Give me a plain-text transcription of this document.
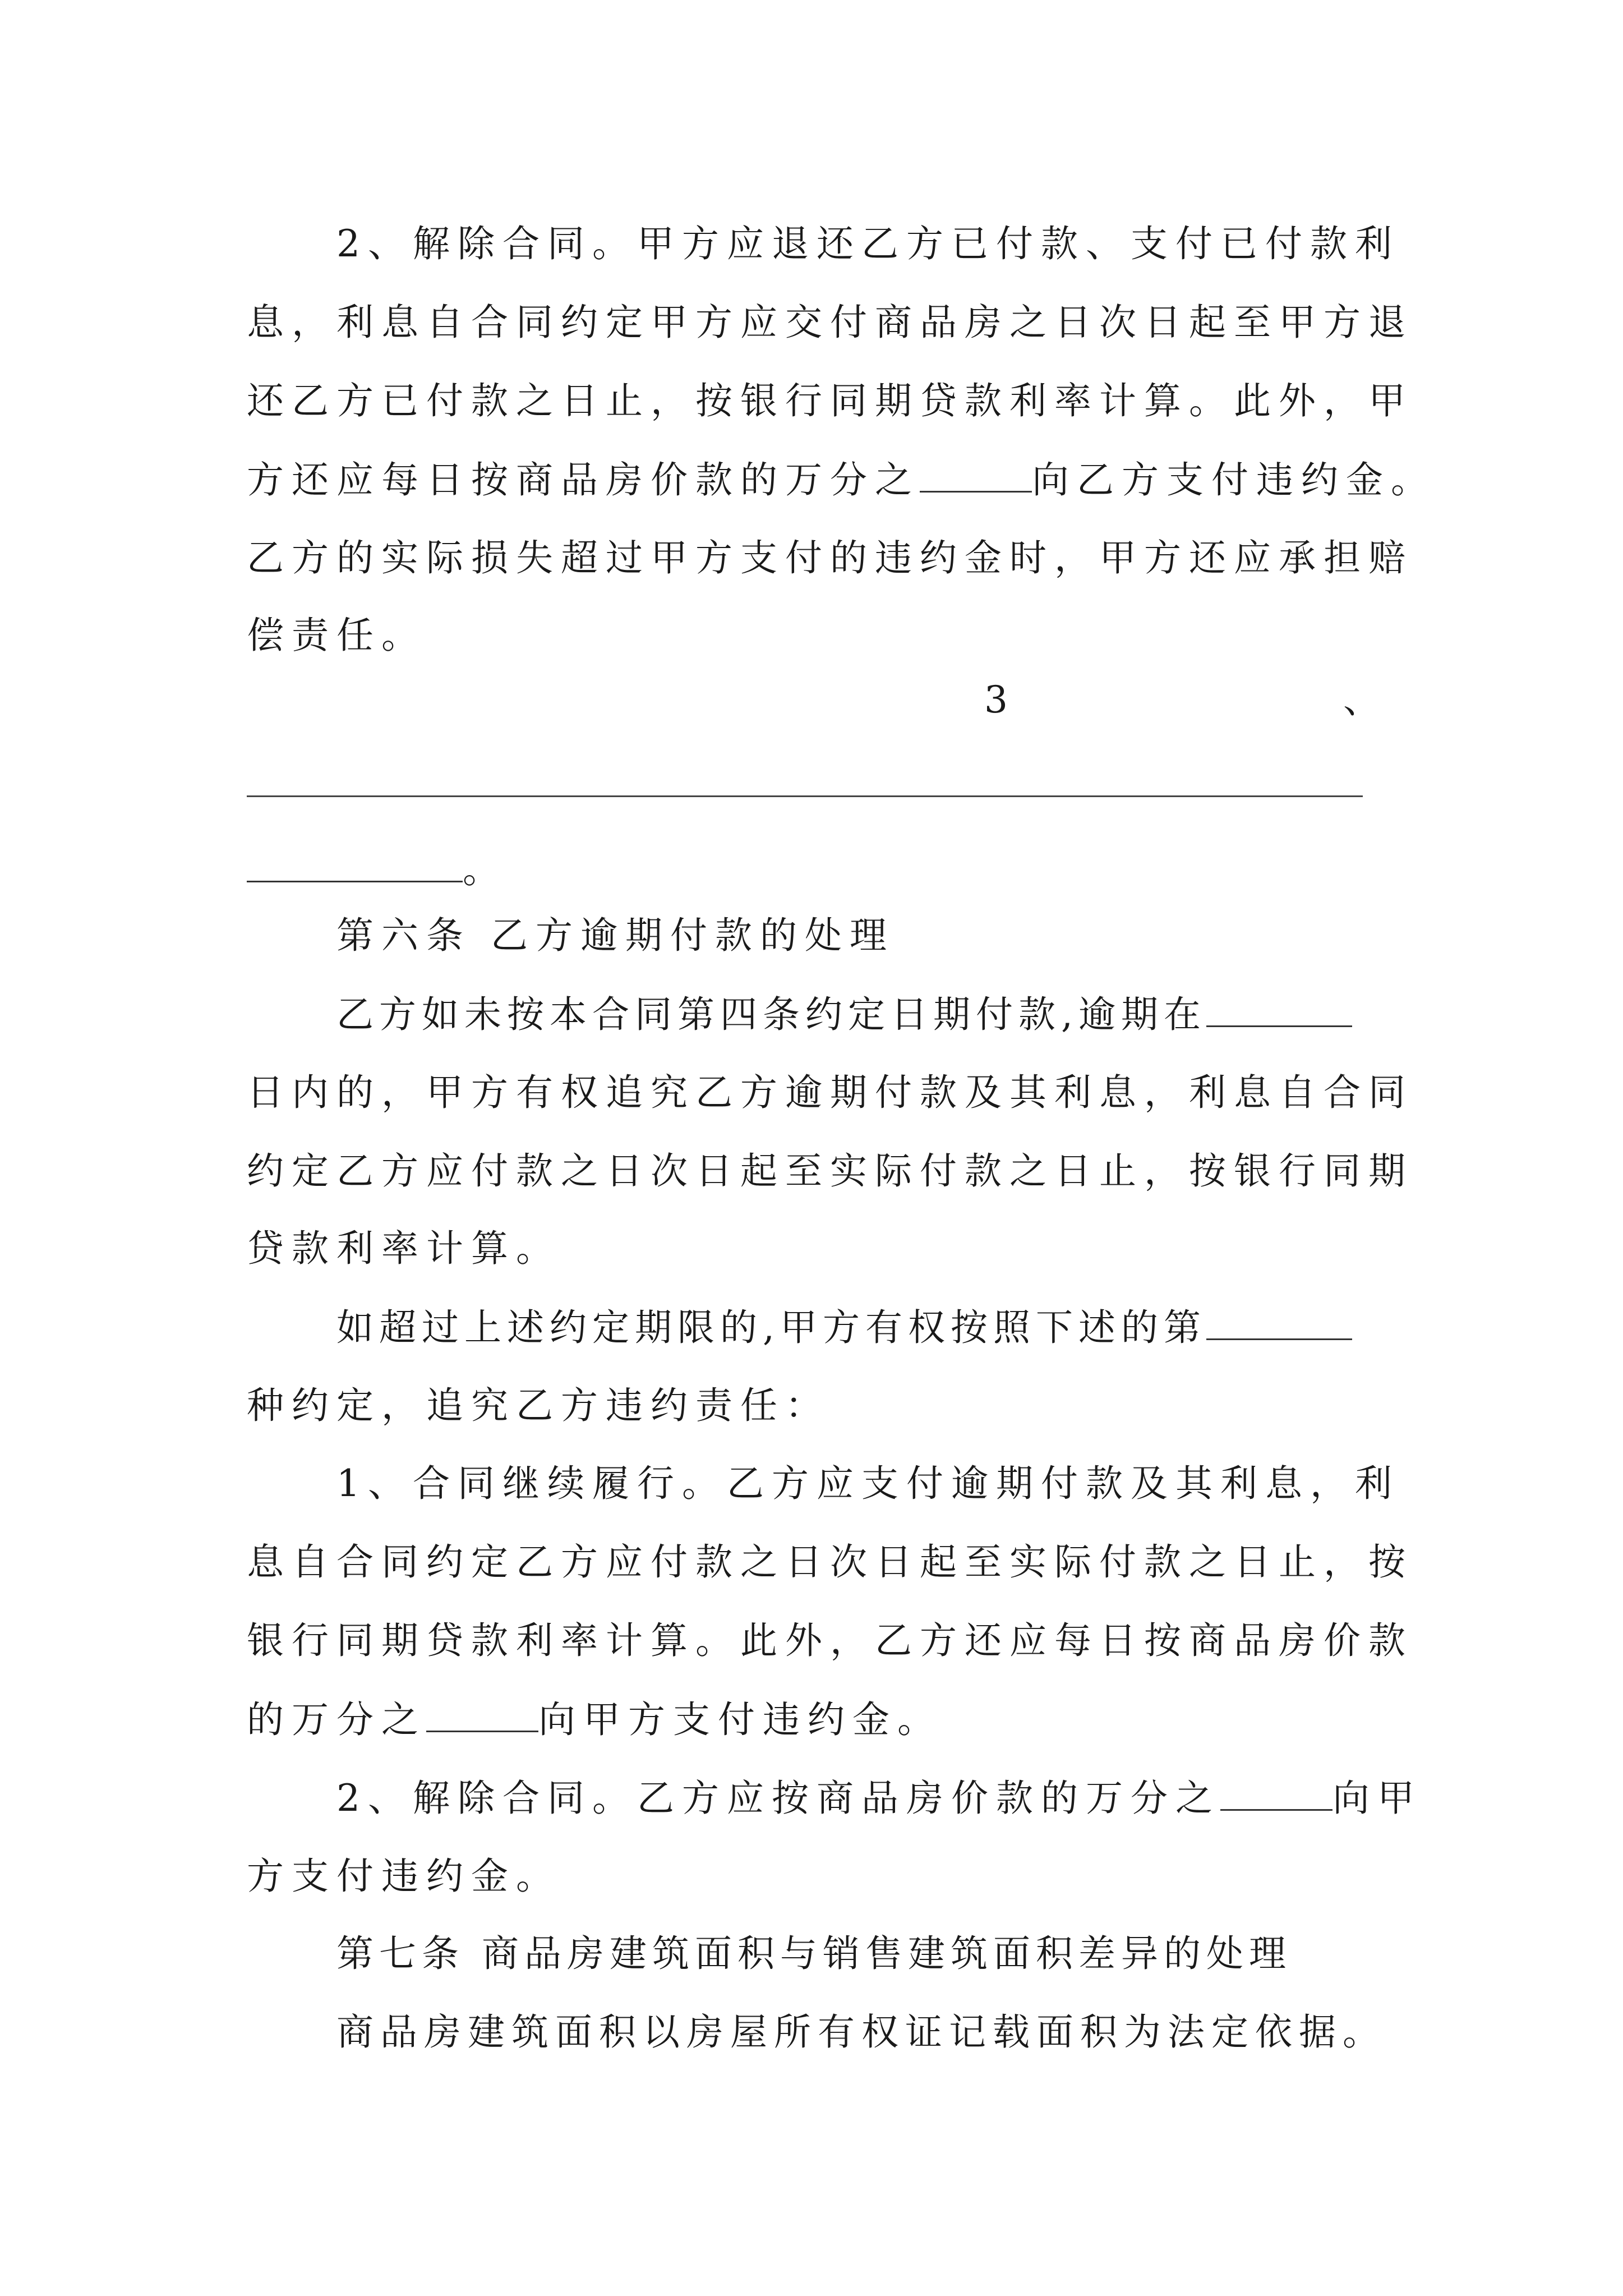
2、解除合同。甲方应退还乙方已付款、支付已付款利
息，利息自合同约定甲方应交付商品房之日次日起至甲方退
还乙方已付款之日止，按银行同期贷款利率计算。此外，甲
方还应每日按商品房价款的万分之	向乙方支付违约金。
乙方的实际损失超过甲方支付的违约金时，甲方还应承担赔
偿责任。
3	、
。
第六条 乙方逾期付款的处理
乙方如未按本合同第四条约定日期付款,逾期在
日内的，甲方有权追究乙方逾期付款及其利息，利息自合同
约定乙方应付款之日次日起至实际付款之日止，按银行同期
贷款利率计算。
如超过上述约定期限的,甲方有权按照下述的第
种约定，追究乙方违约责任：
1、合同继续履行。乙方应支付逾期付款及其利息，利
息自合同约定乙方应付款之日次日起至实际付款之日止，按
银行同期贷款利率计算。此外，乙方还应每日按商品房价款
的万分之	向甲方支付违约金。
2、解除合同。乙方应按商品房价款的万分之	向甲
方支付违约金。
第七条 商品房建筑面积与销售建筑面积差异的处理
商品房建筑面积以房屋所有权证记载面积为法定依据。
